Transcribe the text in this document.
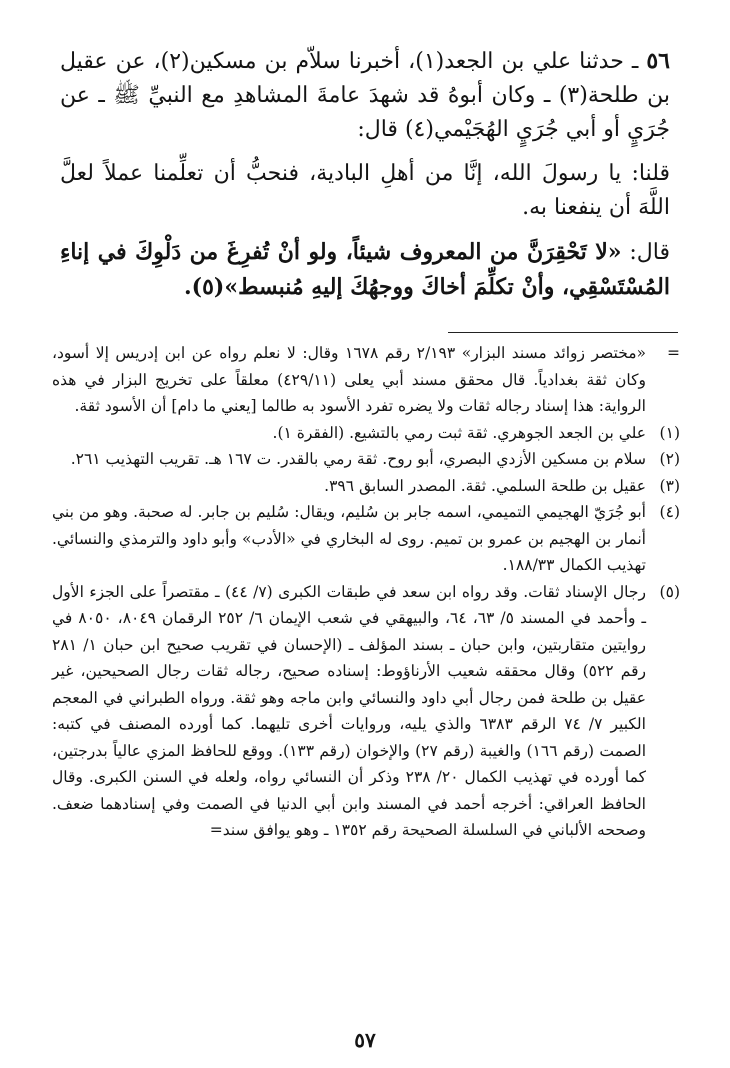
٥٦ ـ حدثنا علي بن الجعد(١)، أخبرنا سلاّم بن مسكين(٢)، عن عقيل بن طلحة(٣) ـ وكان أبوهُ قد شهدَ عامةَ المشاهدِ مع النبيِّ ﷺ ـ عن جُرَيٍ أو أبي جُرَيٍ الهُجَيْمي(٤) قال:

قلنا: يا رسولَ الله، إنَّا من أهلِ البادية، فنحبُّ أن تعلِّمنا عملاً لعلَّ اللَّهَ أن ينفعنا به.

قال: «لا تَحْقِرَنَّ من المعروف شيئاً، ولو أنْ تُفرِغَ من دَلْوِكَ في إناءِ المُسْتَسْقِي، وأنْ تكلِّمَ أخاكَ ووجهُكَ إليهِ مُنبسط»(٥).

=
«مختصر زوائد مسند البزار» ٢/١٩٣ رقم ١٦٧٨ وقال: لا نعلم رواه عن ابن إدريس إلا أسود، وكان ثقة بغدادياً. قال محقق مسند أبي يعلى (٤٢٩/١١) معلقاً على تخريج البزار في هذه الرواية: هذا إسناد رجاله ثقات ولا يضره تفرد الأسود به طالما [يعني ما دام] أن الأسود ثقة.
(١)
علي بن الجعد الجوهري. ثقة ثبت رمي بالتشيع. (الفقرة ١).
(٢)
سلام بن مسكين الأزدي البصري، أبو روح. ثقة رمي بالقدر. ت ١٦٧ هـ. تقريب التهذيب ٢٦١.
(٣)
عقيل بن طلحة السلمي. ثقة. المصدر السابق ٣٩٦.
(٤)
أبو جُرَيّ الهجيمي التميمي، اسمه جابر بن سُليم، ويقال: سُليم بن جابر. له صحبة. وهو من بني أنمار بن الهجيم بن عمرو بن تميم. روى له البخاري في «الأدب» وأبو داود والترمذي والنسائي. تهذيب الكمال ١٨٨/٣٣.
(٥)
رجال الإسناد ثقات. وقد رواه ابن سعد في طبقات الكبرى (٧/ ٤٤) ـ مقتصراً على الجزء الأول ـ وأحمد في المسند ٥/ ٦٣، ٦٤، والبيهقي في شعب الإيمان ٦/ ٢٥٢ الرقمان ٨٠٤٩، ٨٠٥٠ في روايتين متقاربتين، وابن حبان ـ بسند المؤلف ـ (الإحسان في تقريب صحيح ابن حبان ١/ ٢٨١ رقم ٥٢٢) وقال محققه شعيب الأرناؤوط: إسناده صحيح، رجاله ثقات رجال الصحيحين، غير عقيل بن طلحة فمن رجال أبي داود والنسائي وابن ماجه وهو ثقة. ورواه الطبراني في المعجم الكبير ٧/ ٧٤ الرقم ٦٣٨٣ والذي يليه، وروايات أخرى تليهما. كما أورده المصنف في كتبه: الصمت (رقم ١٦٦) والغيبة (رقم ٢٧) والإخوان (رقم ١٣٣). ووقع للحافظ المزي عالياً بدرجتين، كما أورده في تهذيب الكمال ٢٠/ ٢٣٨ وذكر أن النسائي رواه، ولعله في السنن الكبرى. وقال الحافظ العراقي: أخرجه أحمد في المسند وابن أبي الدنيا في الصمت وفي إسنادهما ضعف. وصححه الألباني في السلسلة الصحيحة رقم ١٣٥٢ ـ وهو يوافق سند=
٥٧
